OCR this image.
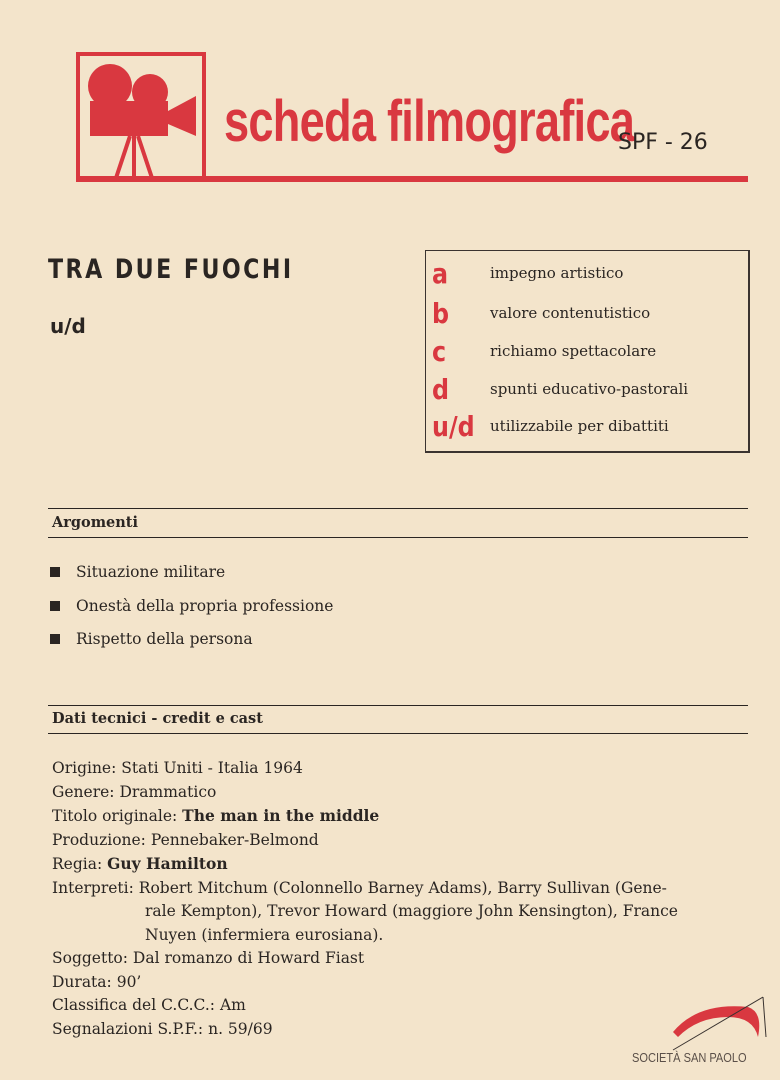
scheda filmografica
SPF - 26
TRA DUE FUOCHI
u/d
a	impegno artistico
b	valore contenutistico
c	richiamo spettacolare
d	spunti educativo-pastorali
u/d	utilizzabile per dibattiti
Argomenti
Situazione militare
Onestà della propria professione
Rispetto della persona
Dati tecnici - credit e cast
Origine: Stati Uniti - Italia 1964
Genere: Drammatico
Titolo originale: The man in the middle
Produzione: Pennebaker-Belmond
Regia: Guy Hamilton
Interpreti: Robert Mitchum (Colonnello Barney Adams), Barry Sullivan (Gene-
rale Kempton), Trevor Howard (maggiore John Kensington), France
Nuyen (infermiera eurosiana).
Soggetto: Dal romanzo di Howard Fiast
Durata: 90’
Classifica del C.C.C.: Am
Segnalazioni S.P.F.: n. 59/69
SOCIETÀ SAN PAOLO
